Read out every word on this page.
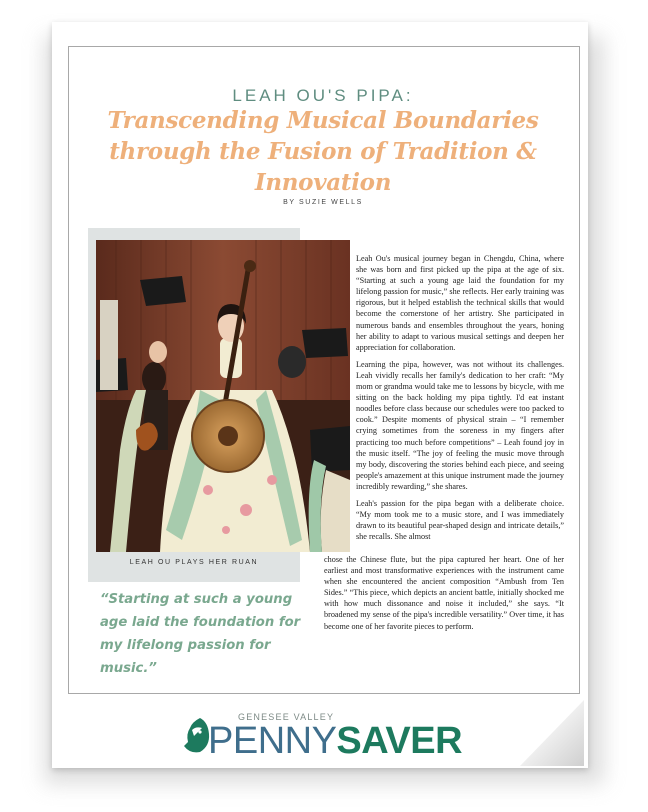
LEAH OU'S PIPA:
Transcending Musical Boundaries through the Fusion of Tradition & Innovation
BY SUZIE WELLS
LEAH OU PLAYS HER RUAN
“Starting at such a young age laid the foundation for my lifelong passion for music.”

Leah Ou's musical journey began in Chengdu, China, where she was born and first picked up the pipa at the age of six. “Starting at such a young age laid the foundation for my lifelong passion for music,” she reflects. Her early training was rigorous, but it helped establish the technical skills that would become the cornerstone of her artistry. She participated in numerous bands and ensembles throughout the years, honing her ability to adapt to various musical settings and deepen her appreciation for collaboration.

Learning the pipa, however, was not without its challenges. Leah vividly recalls her family's dedication to her craft: “My mom or grandma would take me to lessons by bicycle, with me sitting on the back holding my pipa tightly. I'd eat instant noodles before class because our schedules were too packed to cook.” Despite moments of physical strain – “I remember crying sometimes from the soreness in my fingers after practicing too much before competitions” – Leah found joy in the music itself. “The joy of feeling the music move through my body, discovering the stories behind each piece, and seeing people's amazement at this unique instrument made the journey incredibly rewarding,” she shares.

Leah's passion for the pipa began with a deliberate choice. “My mom took me to a music store, and I was immediately drawn to its beautiful pear-shaped design and intricate details,” she recalls. She almost

chose the Chinese flute, but the pipa captured her heart. One of her earliest and most transformative experiences with the instrument came when she encountered the ancient composition “Ambush from Ten Sides.” “This piece, which depicts an ancient battle, initially shocked me with how much dissonance and noise it included,” she says. “It broadened my sense of the pipa's incredible versatility.” Over time, it has become one of her favorite pieces to perform.

GENESEE VALLEY
PENNYSAVER
